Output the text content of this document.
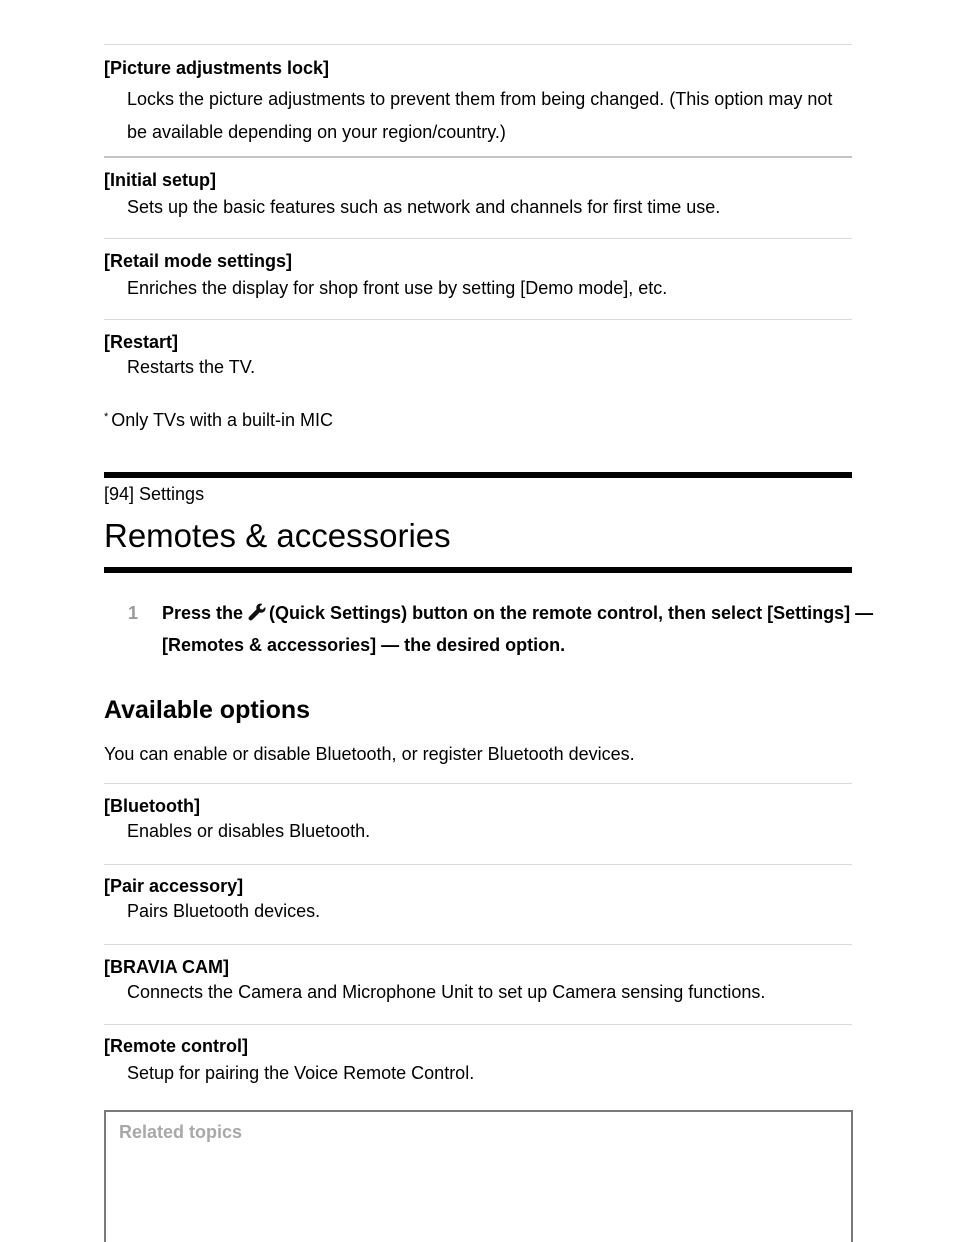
[Picture adjustments lock]
Locks the picture adjustments to prevent them from being changed. (This option may not be available depending on your region/country.)
[Initial setup]
Sets up the basic features such as network and channels for first time use.
[Retail mode settings]
Enriches the display for shop front use by setting [Demo mode], etc.
[Restart]
Restarts the TV.
* Only TVs with a built-in MIC
[94] Settings
Remotes & accessories
1 Press the (Quick Settings) button on the remote control, then select [Settings] — [Remotes & accessories] — the desired option.
Available options
You can enable or disable Bluetooth, or register Bluetooth devices.
[Bluetooth]
Enables or disables Bluetooth.
[Pair accessory]
Pairs Bluetooth devices.
[BRAVIA CAM]
Connects the Camera and Microphone Unit to set up Camera sensing functions.
[Remote control]
Setup for pairing the Voice Remote Control.
Related topics
